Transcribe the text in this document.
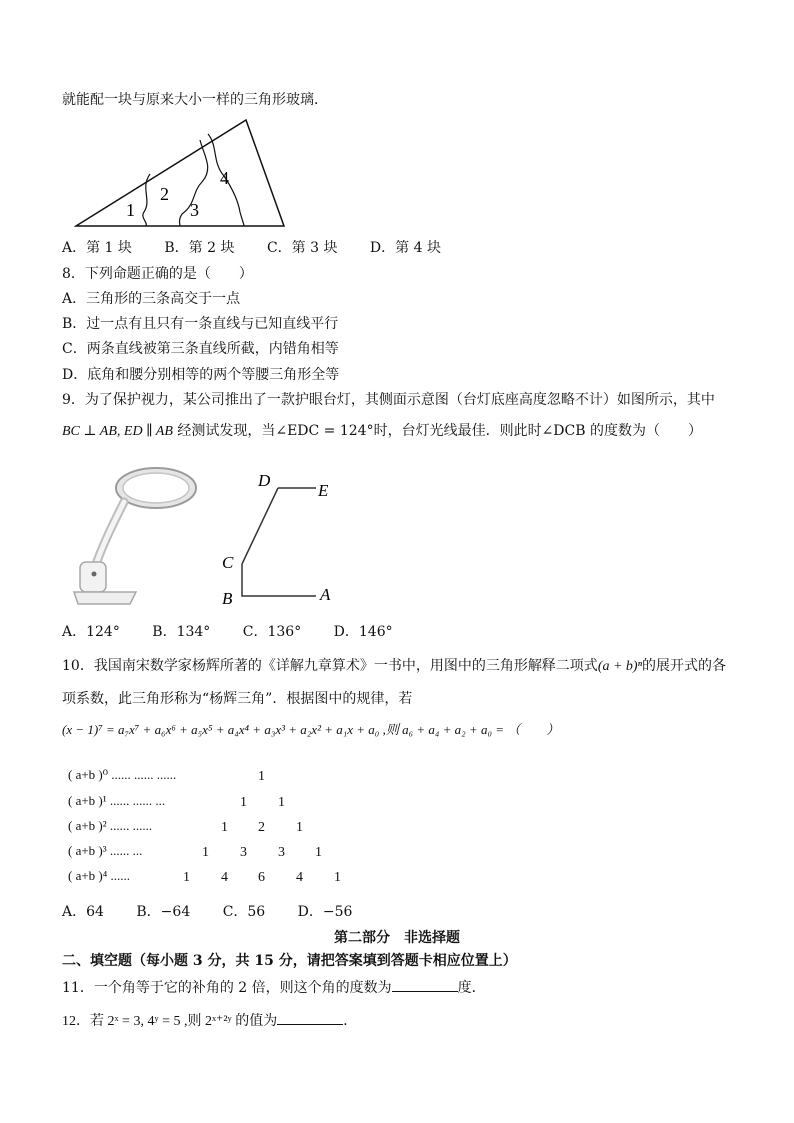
就能配一块与原来大小一样的三角形玻璃．
1
2
3
4
A．第 1 块 B．第 2 块 C．第 3 块 D．第 4 块
8．下列命题正确的是（　　）
A．三角形的三条高交于一点
B．过一点有且只有一条直线与已知直线平行
C．两条直线被第三条直线所截，内错角相等
D．底角和腰分别相等的两个等腰三角形全等
9．为了保护视力，某公司推出了一款护眼台灯，其侧面示意图（台灯底座高度忽略不计）如图所示，其中
BC ⊥ AB, ED ∥ AB 经测试发现，当∠EDC = 124°时，台灯光线最佳．则此时∠DCB 的度数为（　　）
D
E
C
B	A
A．124° B．134° C．136° D．146°
10．我国南宋数学家杨辉所著的《详解九章算术》一书中，用图中的三角形解释二项式(a + b)ⁿ的展开式的各
项系数，此三角形称为“杨辉三角”．根据图中的规律，若
(x − 1)⁷ = a₇x⁷ + a₆x⁶ + a₅x⁵ + a₄x⁴ + a₃x³ + a₂x² + a₁x + a₀ ,则 a₆ + a₄ + a₂ + a₀ = （　　）
( a+b )⁰ ...... ...... ......	1
( a+b )¹ ...... ...... ...	1 1
( a+b )² ...... ......	1 2 1
( a+b )³ ...... ...	1 3 3 1
( a+b )⁴ ......	1 4 6 4 1
A．64 B．−64 C．56 D．−56
第二部分　非选择题
二、填空题（每小题 3 分，共 15 分，请把答案填到答题卡相应位置上）
11．一个角等于它的补角的 2 倍，则这个角的度数为	度．
12．若 2ˣ = 3, 4ʸ = 5 ,则 2ˣ⁺²ʸ 的值为	．
